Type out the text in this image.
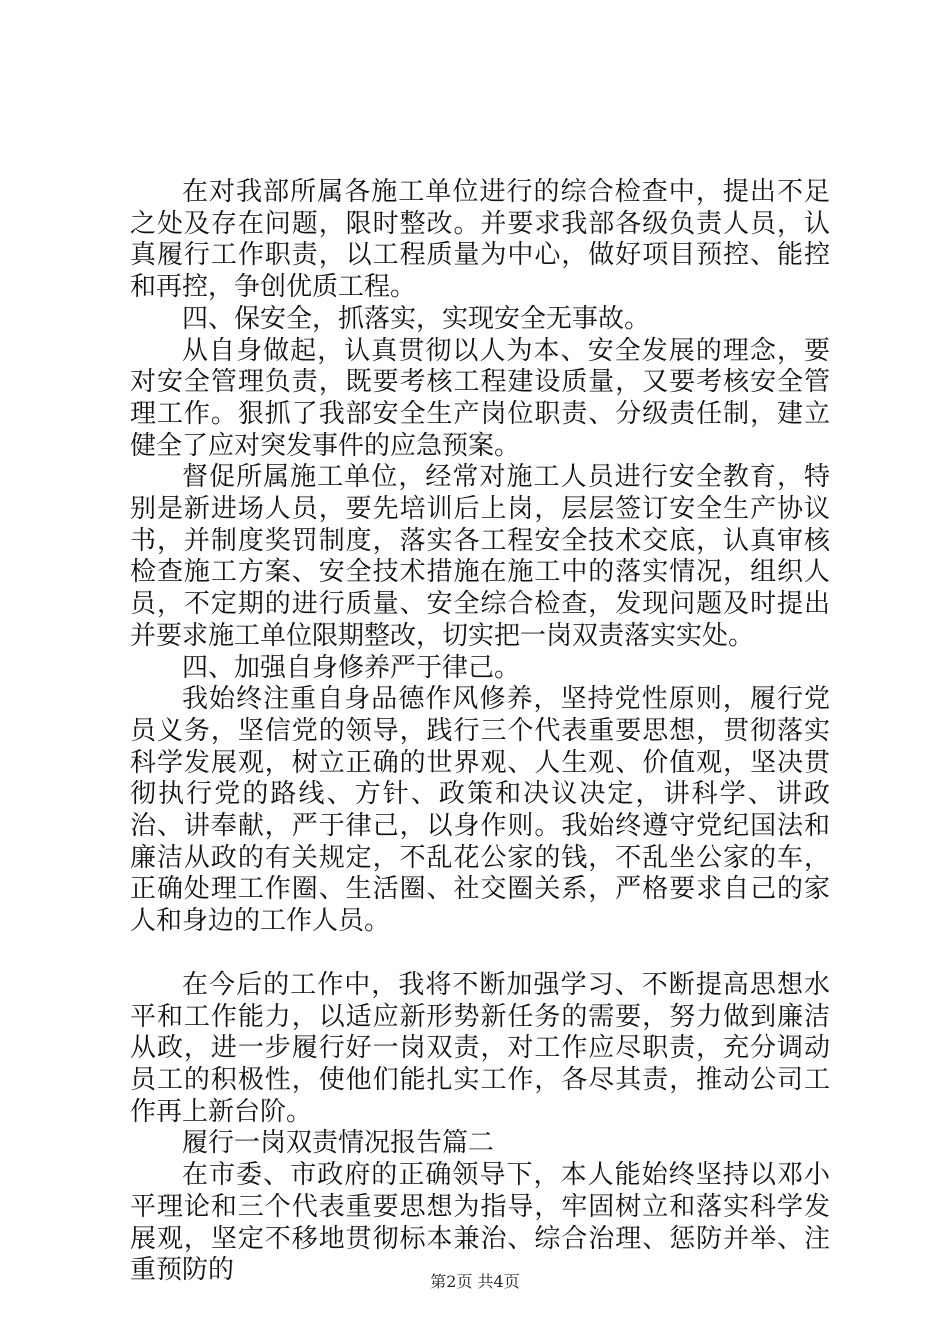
在对我部所属各施工单位进行的综合检查中，提出不足之处及存在问题，限时整改。并要求我部各级负责人员，认真履行工作职责，以工程质量为中心，做好项目预控、能控和再控，争创优质工程。

四、保安全，抓落实，实现安全无事故。

从自身做起，认真贯彻以人为本、安全发展的理念，要对安全管理负责，既要考核工程建设质量，又要考核安全管理工作。狠抓了我部安全生产岗位职责、分级责任制，建立健全了应对突发事件的应急预案。

督促所属施工单位，经常对施工人员进行安全教育，特别是新进场人员，要先培训后上岗，层层签订安全生产协议书，并制度奖罚制度，落实各工程安全技术交底，认真审核检查施工方案、安全技术措施在施工中的落实情况，组织人员，不定期的进行质量、安全综合检查，发现问题及时提出并要求施工单位限期整改，切实把一岗双责落实实处。

四、加强自身修养严于律己。

我始终注重自身品德作风修养，坚持党性原则，履行党员义务，坚信党的领导，践行三个代表重要思想，贯彻落实科学发展观，树立正确的世界观、人生观、价值观，坚决贯彻执行党的路线、方针、政策和决议决定，讲科学、讲政治、讲奉献，严于律己，以身作则。我始终遵守党纪国法和廉洁从政的有关规定，不乱花公家的钱，不乱坐公家的车，正确处理工作圈、生活圈、社交圈关系，严格要求自己的家人和身边的工作人员。

在今后的工作中，我将不断加强学习、不断提高思想水平和工作能力，以适应新形势新任务的需要，努力做到廉洁从政，进一步履行好一岗双责，对工作应尽职责，充分调动员工的积极性，使他们能扎实工作，各尽其责，推动公司工作再上新台阶。

履行一岗双责情况报告篇二

在市委、市政府的正确领导下，本人能始终坚持以邓小平理论和三个代表重要思想为指导，牢固树立和落实科学发展观，坚定不移地贯彻标本兼治、综合治理、惩防并举、注重预防的	第2页 共4页
